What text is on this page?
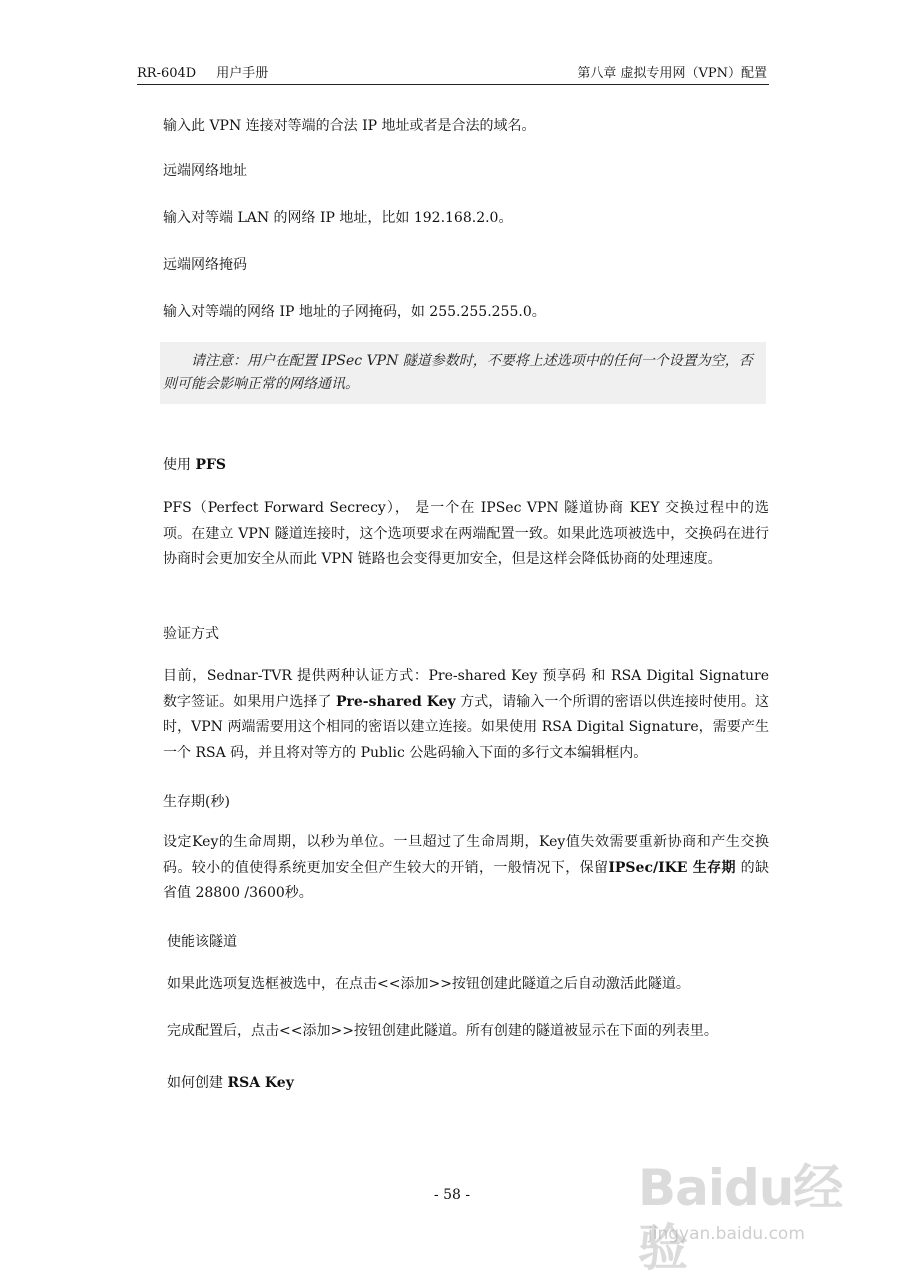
RR-604D 用户手册	第八章 虚拟专用网（VPN）配置
输入此 VPN 连接对等端的合法 IP 地址或者是合法的域名。
远端网络地址
输入对等端 LAN 的网络 IP 地址，比如 192.168.2.0。
远端网络掩码
输入对等端的网络 IP 地址的子网掩码，如 255.255.255.0。
请注意：用户在配置 IPSec VPN 隧道参数时，不要将上述选项中的任何一个设置为空，否则可能会影响正常的网络通讯。
使用 PFS
PFS（Perfect Forward Secrecy）， 是一个在 IPSec VPN 隧道协商 KEY 交换过程中的选项。在建立 VPN 隧道连接时，这个选项要求在两端配置一致。如果此选项被选中，交换码在进行协商时会更加安全从而此 VPN 链路也会变得更加安全，但是这样会降低协商的处理速度。
验证方式
目前，Sednar-TVR 提供两种认证方式：Pre-shared Key 预享码 和 RSA Digital Signature 数字签证。如果用户选择了 Pre-shared Key 方式，请输入一个所谓的密语以供连接时使用。这时，VPN 两端需要用这个相同的密语以建立连接。如果使用 RSA Digital Signature，需要产生一个 RSA 码，并且将对等方的 Public 公匙码输入下面的多行文本编辑框内。
生存期(秒)
设定Key的生命周期，以秒为单位。一旦超过了生命周期，Key值失效需要重新协商和产生交换码。较小的值使得系统更加安全但产生较大的开销，一般情况下，保留IPSec/IKE 生存期 的缺省值 28800 /3600秒。
使能该隧道
如果此选项复选框被选中，在点击<<添加>>按钮创建此隧道之后自动激活此隧道。
完成配置后，点击<<添加>>按钮创建此隧道。所有创建的隧道被显示在下面的列表里。
如何创建 RSA Key
- 58 -	Baidu经验
jingyan.baidu.com
